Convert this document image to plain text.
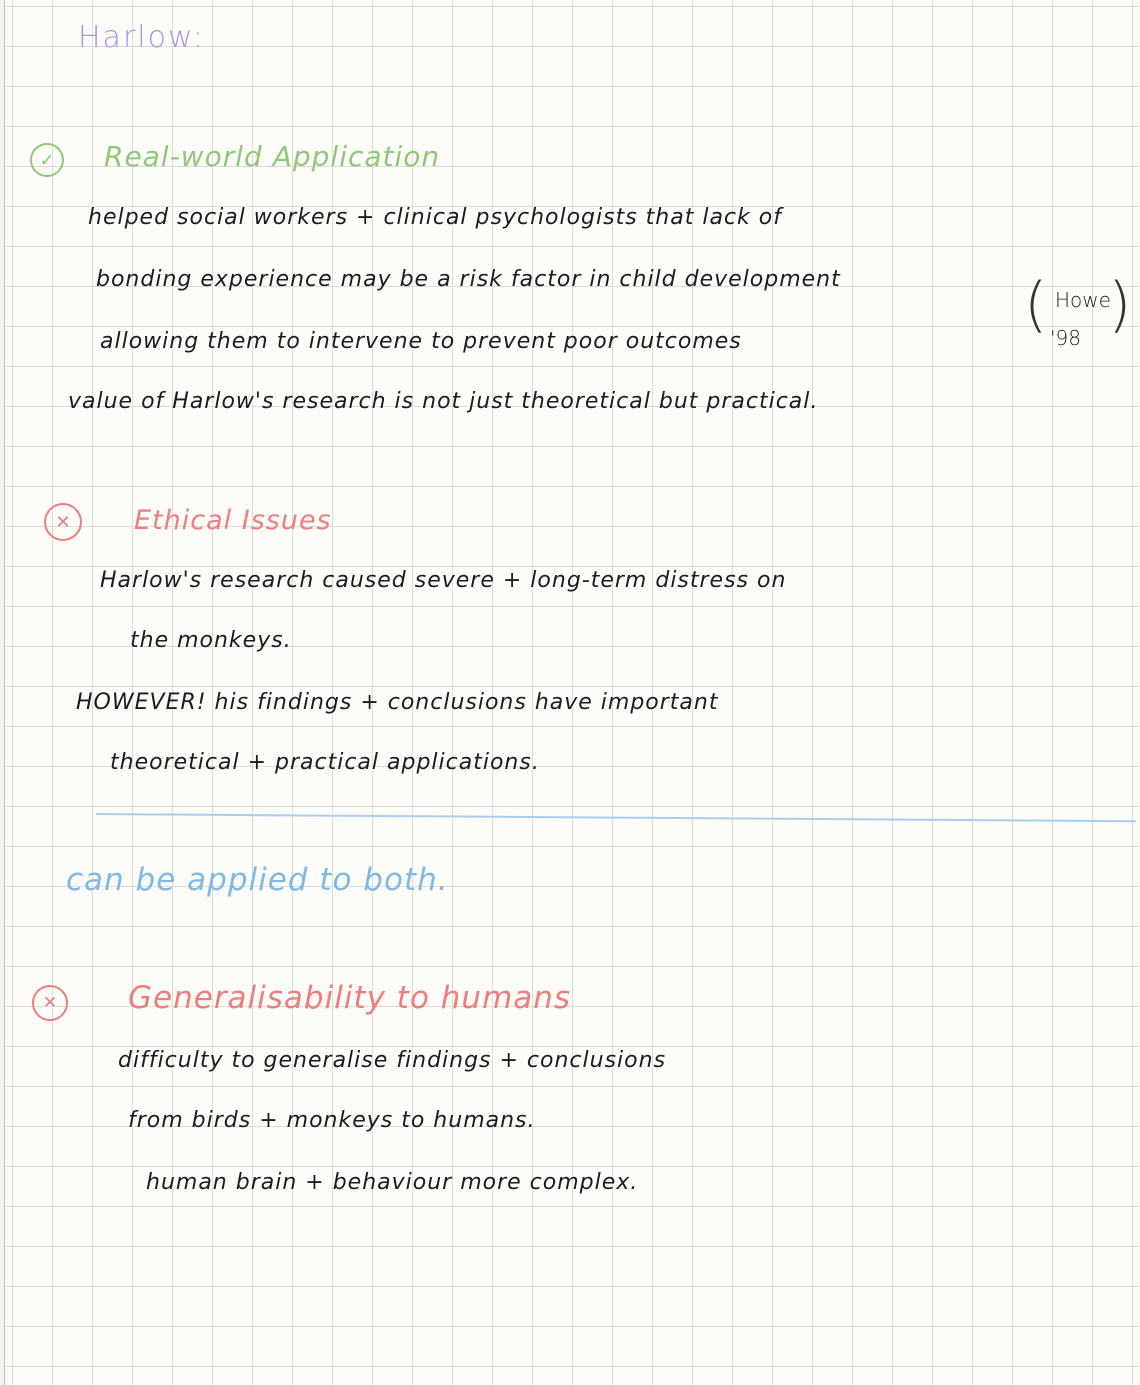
Harlow:
✓	Real-world Application
helped social workers + clinical psychologists that lack of
bonding experience may be a risk factor in child development
allowing them to intervene to prevent poor outcomes
value of Harlow's research is not just theoretical but practical.
( Howe
'98 )
✕	Ethical Issues
Harlow's research caused severe + long-term distress on
the monkeys.
HOWEVER! his findings + conclusions have important
theoretical + practical applications.
can be applied to both.
✕	Generalisability to humans
difficulty to generalise findings + conclusions
from birds + monkeys to humans.
human brain + behaviour more complex.
